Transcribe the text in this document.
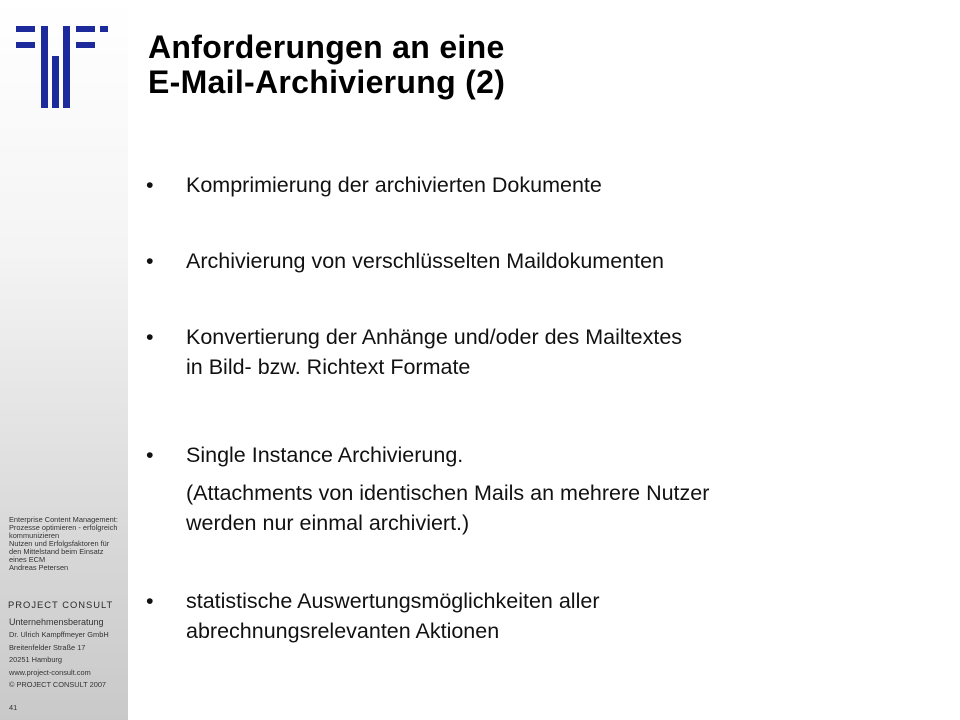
Enterprise Content Management:
Prozesse optimieren - erfolgreich
kommunizieren
Nutzen und Erfolgsfaktoren für
den Mittelstand beim Einsatz
eines ECM
Andreas Petersen
PROJECT CONSULT
Unternehmensberatung
Dr. Ulrich Kampffmeyer GmbH
Breitenfelder Straße 17
20251 Hamburg
www.project-consult.com
© PROJECT CONSULT 2007
41
Anforderungen an eine
E-Mail-Archivierung (2)
• Komprimierung der archivierten Dokumente
• Archivierung von verschlüsselten Maildokumenten
• Konvertierung der Anhänge und/oder des Mailtextes
in Bild- bzw. Richtext Formate
• Single Instance Archivierung.
(Attachments von identischen Mails an mehrere Nutzer
werden nur einmal archiviert.)
• statistische Auswertungsmöglichkeiten aller
abrechnungsrelevanten Aktionen
